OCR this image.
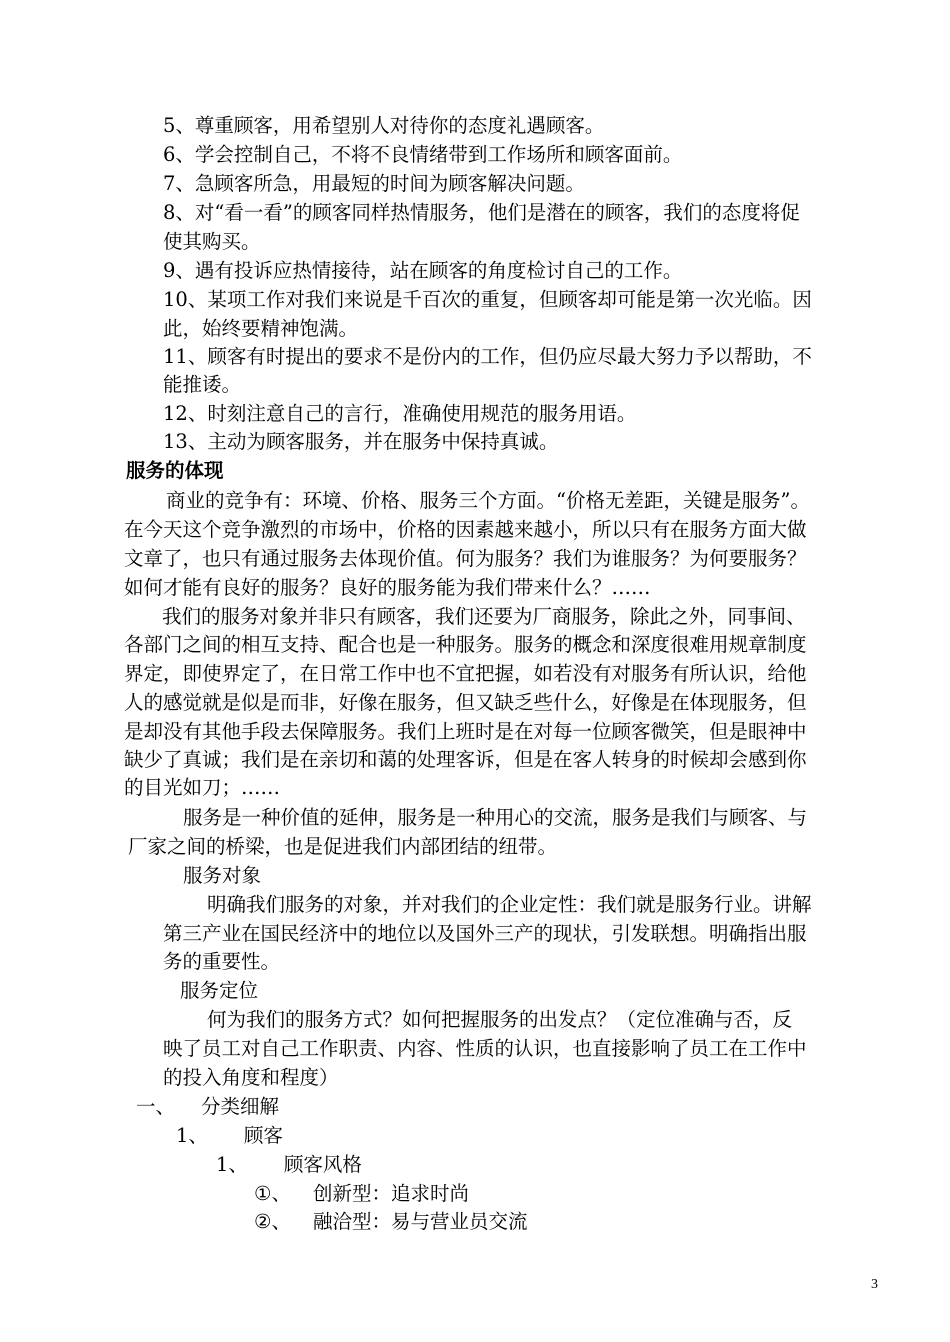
5、尊重顾客，用希望别人对待你的态度礼遇顾客。
6、学会控制自己，不将不良情绪带到工作场所和顾客面前。
7、急顾客所急，用最短的时间为顾客解决问题。
8、对“看一看”的顾客同样热情服务，他们是潜在的顾客，我们的态度将促
使其购买。
9、遇有投诉应热情接待，站在顾客的角度检讨自己的工作。
10、某项工作对我们来说是千百次的重复，但顾客却可能是第一次光临。因
此，始终要精神饱满。
11、顾客有时提出的要求不是份内的工作，但仍应尽最大努力予以帮助，不
能推诿。
12、时刻注意自己的言行，准确使用规范的服务用语。
13、主动为顾客服务，并在服务中保持真诚。
服务的体现
商业的竞争有：环境、价格、服务三个方面。“价格无差距，关键是服务”。
在今天这个竞争激烈的市场中，价格的因素越来越小，所以只有在服务方面大做
文章了，也只有通过服务去体现价值。何为服务？我们为谁服务？为何要服务？
如何才能有良好的服务？良好的服务能为我们带来什么？……
我们的服务对象并非只有顾客，我们还要为厂商服务，除此之外，同事间、
各部门之间的相互支持、配合也是一种服务。服务的概念和深度很难用规章制度
界定，即使界定了，在日常工作中也不宜把握，如若没有对服务有所认识，给他
人的感觉就是似是而非，好像在服务，但又缺乏些什么，好像是在体现服务，但
是却没有其他手段去保障服务。我们上班时是在对每一位顾客微笑，但是眼神中
缺少了真诚；我们是在亲切和蔼的处理客诉，但是在客人转身的时候却会感到你
的目光如刀；……
服务是一种价值的延伸，服务是一种用心的交流，服务是我们与顾客、与
厂家之间的桥梁，也是促进我们内部团结的纽带。
服务对象
明确我们服务的对象，并对我们的企业定性：我们就是服务行业。讲解
第三产业在国民经济中的地位以及国外三产的现状，引发联想。明确指出服
务的重要性。
服务定位
何为我们的服务方式？如何把握服务的出发点？（定位准确与否，反
映了员工对自己工作职责、内容、性质的认识，也直接影响了员工在工作中
的投入角度和程度）
一、 分类细解
1、 顾客
1、 顾客风格
①、 创新型：追求时尚
②、 融洽型：易与营业员交流
3
